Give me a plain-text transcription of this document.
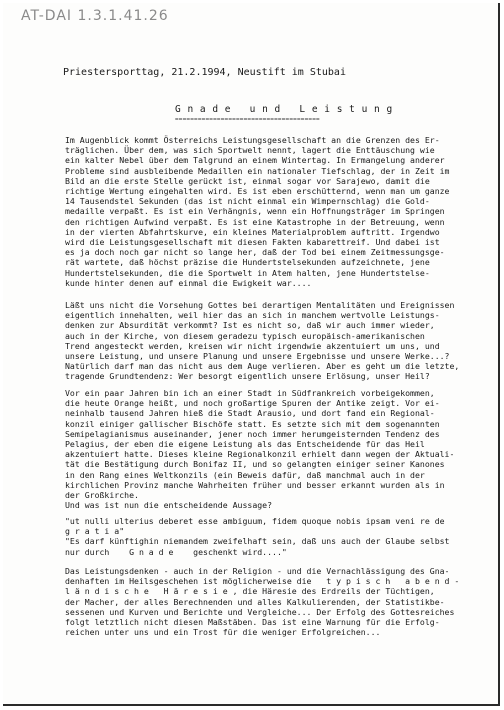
AT-DAI 1.3.1.41.26
Priestersporttag, 21.2.1994, Neustift im Stubai
G n a d e   u n d   L e i s t u n g
======================================
Im Augenblick kommt Österreichs Leistungsgesellschaft an die Grenzen des Er-
träglichen. Über dem, was sich Sportwelt nennt, lagert die Enttäuschung wie
ein kalter Nebel über dem Talgrund an einem Wintertag. In Ermangelung anderer
Probleme sind ausbleibende Medaillen ein nationaler Tiefschlag, der in Zeit im
Bild an die erste Stelle gerückt ist, einmal sogar vor Sarajewo, damit die
richtige Wertung eingehalten wird. Es ist eben erschütternd, wenn man um ganze
14 Tausendstel Sekunden (das ist nicht einmal ein Wimpernschlag) die Gold-
medaille verpaßt. Es ist ein Verhängnis, wenn ein Hoffnungsträger im Springen
den richtigen Aufwind verpaßt. Es ist eine Katastrophe in der Betreuung, wenn
in der vierten Abfahrtskurve, ein kleines Materialproblem auftritt. Irgendwo
wird die Leistungsgesellschaft mit diesen Fakten kabarettreif. Und dabei ist
es ja doch noch gar nicht so lange her, daß der Tod bei einem Zeitmessungsge-
rät wartete, daß höchst präzise die Hundertstelsekunden aufzeichnete, jene
Hundertstelsekunden, die die Sportwelt in Atem halten, jene Hundertstelse-
kunde hinter denen auf einmal die Ewigkeit war....
Läßt uns nicht die Vorsehung Gottes bei derartigen Mentalitäten und Ereignissen
eigentlich innehalten, weil hier das an sich in manchem wertvolle Leistungs-
denken zur Absurdität verkommt? Ist es nicht so, daß wir auch immer wieder,
auch in der Kirche, von diesem geradezu typisch europäisch-amerikanischen
Trend angesteckt werden, kreisen wir nicht irgendwie akzentuiert um uns, und
unsere Leistung, und unsere Planung und unsere Ergebnisse und unsere Werke...?
Natürlich darf man das nicht aus dem Auge verlieren. Aber es geht um die letzte,
tragende Grundtendenz: Wer besorgt eigentlich unsere Erlösung, unser Heil?
Vor ein paar Jahren bin ich an einer Stadt in Südfrankreich vorbeigekommen,
die heute Orange heißt, und noch großartige Spuren der Antike zeigt. Vor ei-
neinhalb tausend Jahren hieß die Stadt Arausio, und dort fand ein Regional-
konzil einiger gallischer Bischöfe statt. Es setzte sich mit dem sogenannten
Semipelagianismus auseinander, jener noch immer herumgeisternden Tendenz des
Pelagius, der eben die eigene Leistung als das Entscheidende für das Heil
akzentuiert hatte. Dieses kleine Regionalkonzil erhielt dann wegen der Aktuali-
tät die Bestätigung durch Bonifaz II, und so gelangten einiger seiner Kanones
in den Rang eines Weltkonzils (ein Beweis dafür, daß manchmal auch in der
kirchlichen Provinz manche Wahrheiten früher und besser erkannt wurden als in
der Großkirche.
Und was ist nun die entscheidende Aussage?
"ut nulli ulterius deberet esse ambiguum, fidem quoque nobis ipsam veni re de
g r a t i a"
"Es darf künftighin niemandem zweifelhaft sein, daß uns auch der Glaube selbst
nur durch    G n a d e    geschenkt wird...."
Das Leistungsdenken - auch in der Religion - und die Vernachlässigung des Gna-
denhaften im Heilsgeschehen ist möglicherweise die   t y p i s c h   a b e n d -
l ä n d i s c h e   H ä r e s i e , die Häresie des Erdreils der Tüchtigen,
der Macher, der alles Berechnenden und alles Kalkulierenden, der Statistikbe-
sessenen und Kurven und Berichte und Vergleiche... Der Erfolg des Gottesreiches
folgt letztlich nicht diesen Maßstäben. Das ist eine Warnung für die Erfolg-
reichen unter uns und ein Trost für die weniger Erfolgreichen...
